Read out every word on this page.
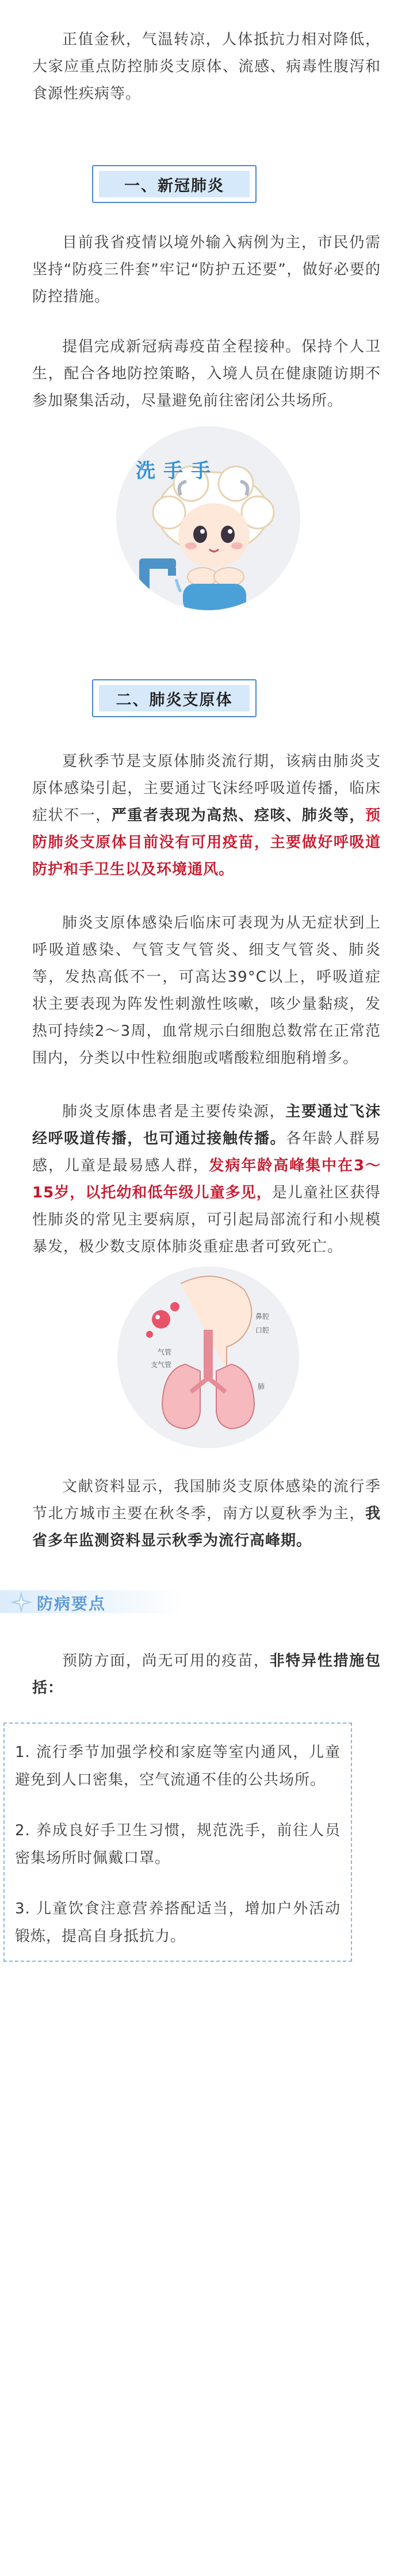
正值金秋，气温转凉，人体抵抗力相对降低，大家应重点防控肺炎支原体、流感、病毒性腹泻和食源性疾病等。

一、新冠肺炎

目前我省疫情以境外输入病例为主，市民仍需坚持“防疫三件套”牢记“防护五还要”，做好必要的防控措施。

提倡完成新冠病毒疫苗全程接种。保持个人卫生，配合各地防控策略，入境人员在健康随访期不参加聚集活动，尽量避免前往密闭公共场所。

洗手手
二、肺炎支原体

夏秋季节是支原体肺炎流行期，该病由肺炎支原体感染引起，主要通过飞沫经呼吸道传播，临床症状不一，严重者表现为高热、痉咳、肺炎等，预防肺炎支原体目前没有可用疫苗，主要做好呼吸道防护和手卫生以及环境通风。

肺炎支原体感染后临床可表现为从无症状到上呼吸道感染、气管支气管炎、细支气管炎、肺炎等，发热高低不一，可高达39°C以上，呼吸道症状主要表现为阵发性刺激性咳嗽，咳少量黏痰，发热可持续2～3周，血常规示白细胞总数常在正常范围内，分类以中性粒细胞或嗜酸粒细胞稍增多。

肺炎支原体患者是主要传染源，主要通过飞沫经呼吸道传播，也可通过接触传播。各年龄人群易感，儿童是最易感人群，发病年龄高峰集中在3～15岁，以托幼和低年级儿童多见，是儿童社区获得性肺炎的常见主要病原，可引起局部流行和小规模暴发，极少数支原体肺炎重症患者可致死亡。

鼻腔
口腔
气管
支气管
肺

文献资料显示，我国肺炎支原体感染的流行季节北方城市主要在秋冬季，南方以夏秋季为主，我省多年监测资料显示秋季为流行高峰期。

防病要点

预防方面，尚无可用的疫苗，非特异性措施包括：

1. 流行季节加强学校和家庭等室内通风，儿童避免到人口密集，空气流通不佳的公共场所。

2. 养成良好手卫生习惯，规范洗手，前往人员密集场所时佩戴口罩。

3. 儿童饮食注意营养搭配适当，增加户外活动锻炼，提高自身抵抗力。
